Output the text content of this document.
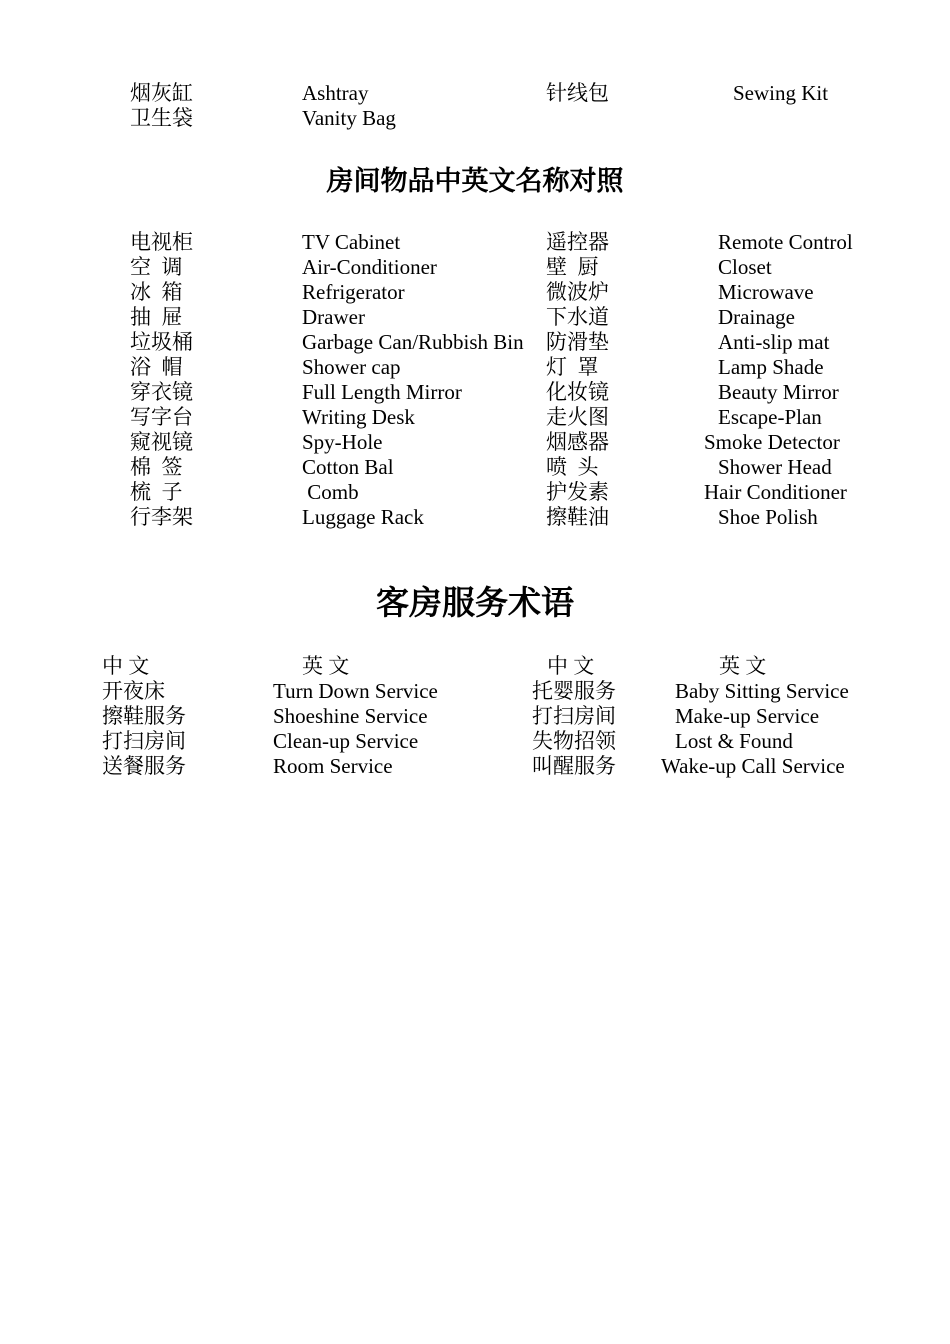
烟灰缸	Ashtray	针线包	Sewing Kit
卫生袋	Vanity Bag
房间物品中英文名称对照
电视柜	TV Cabinet	遥控器	Remote Control
空  调	Air-Conditioner	壁  厨	Closet
冰  箱	Refrigerator	微波炉	Microwave
抽  屉	Drawer	下水道	Drainage
垃圾桶	Garbage Can/Rubbish Bin 防滑垫	Anti-slip mat
浴  帽	Shower cap	灯  罩	Lamp Shade
穿衣镜	Full Length Mirror	化妆镜	Beauty Mirror
写字台	Writing Desk	走火图	Escape-Plan
窥视镜	Spy-Hole	烟感器	Smoke Detector
棉  签	Cotton Bal	喷  头	Shower Head
梳  子	Comb	护发素	Hair Conditioner
行李架	Luggage Rack	擦鞋油	Shoe Polish
客房服务术语
中 文	英 文	中 文	英 文
开夜床	Turn Down Service	托婴服务	Baby Sitting Service
擦鞋服务	Shoeshine Service	打扫房间	Make-up Service
打扫房间	Clean-up Service	失物招领	Lost & Found
送餐服务	Room Service	叫醒服务 Wake-up Call Service
